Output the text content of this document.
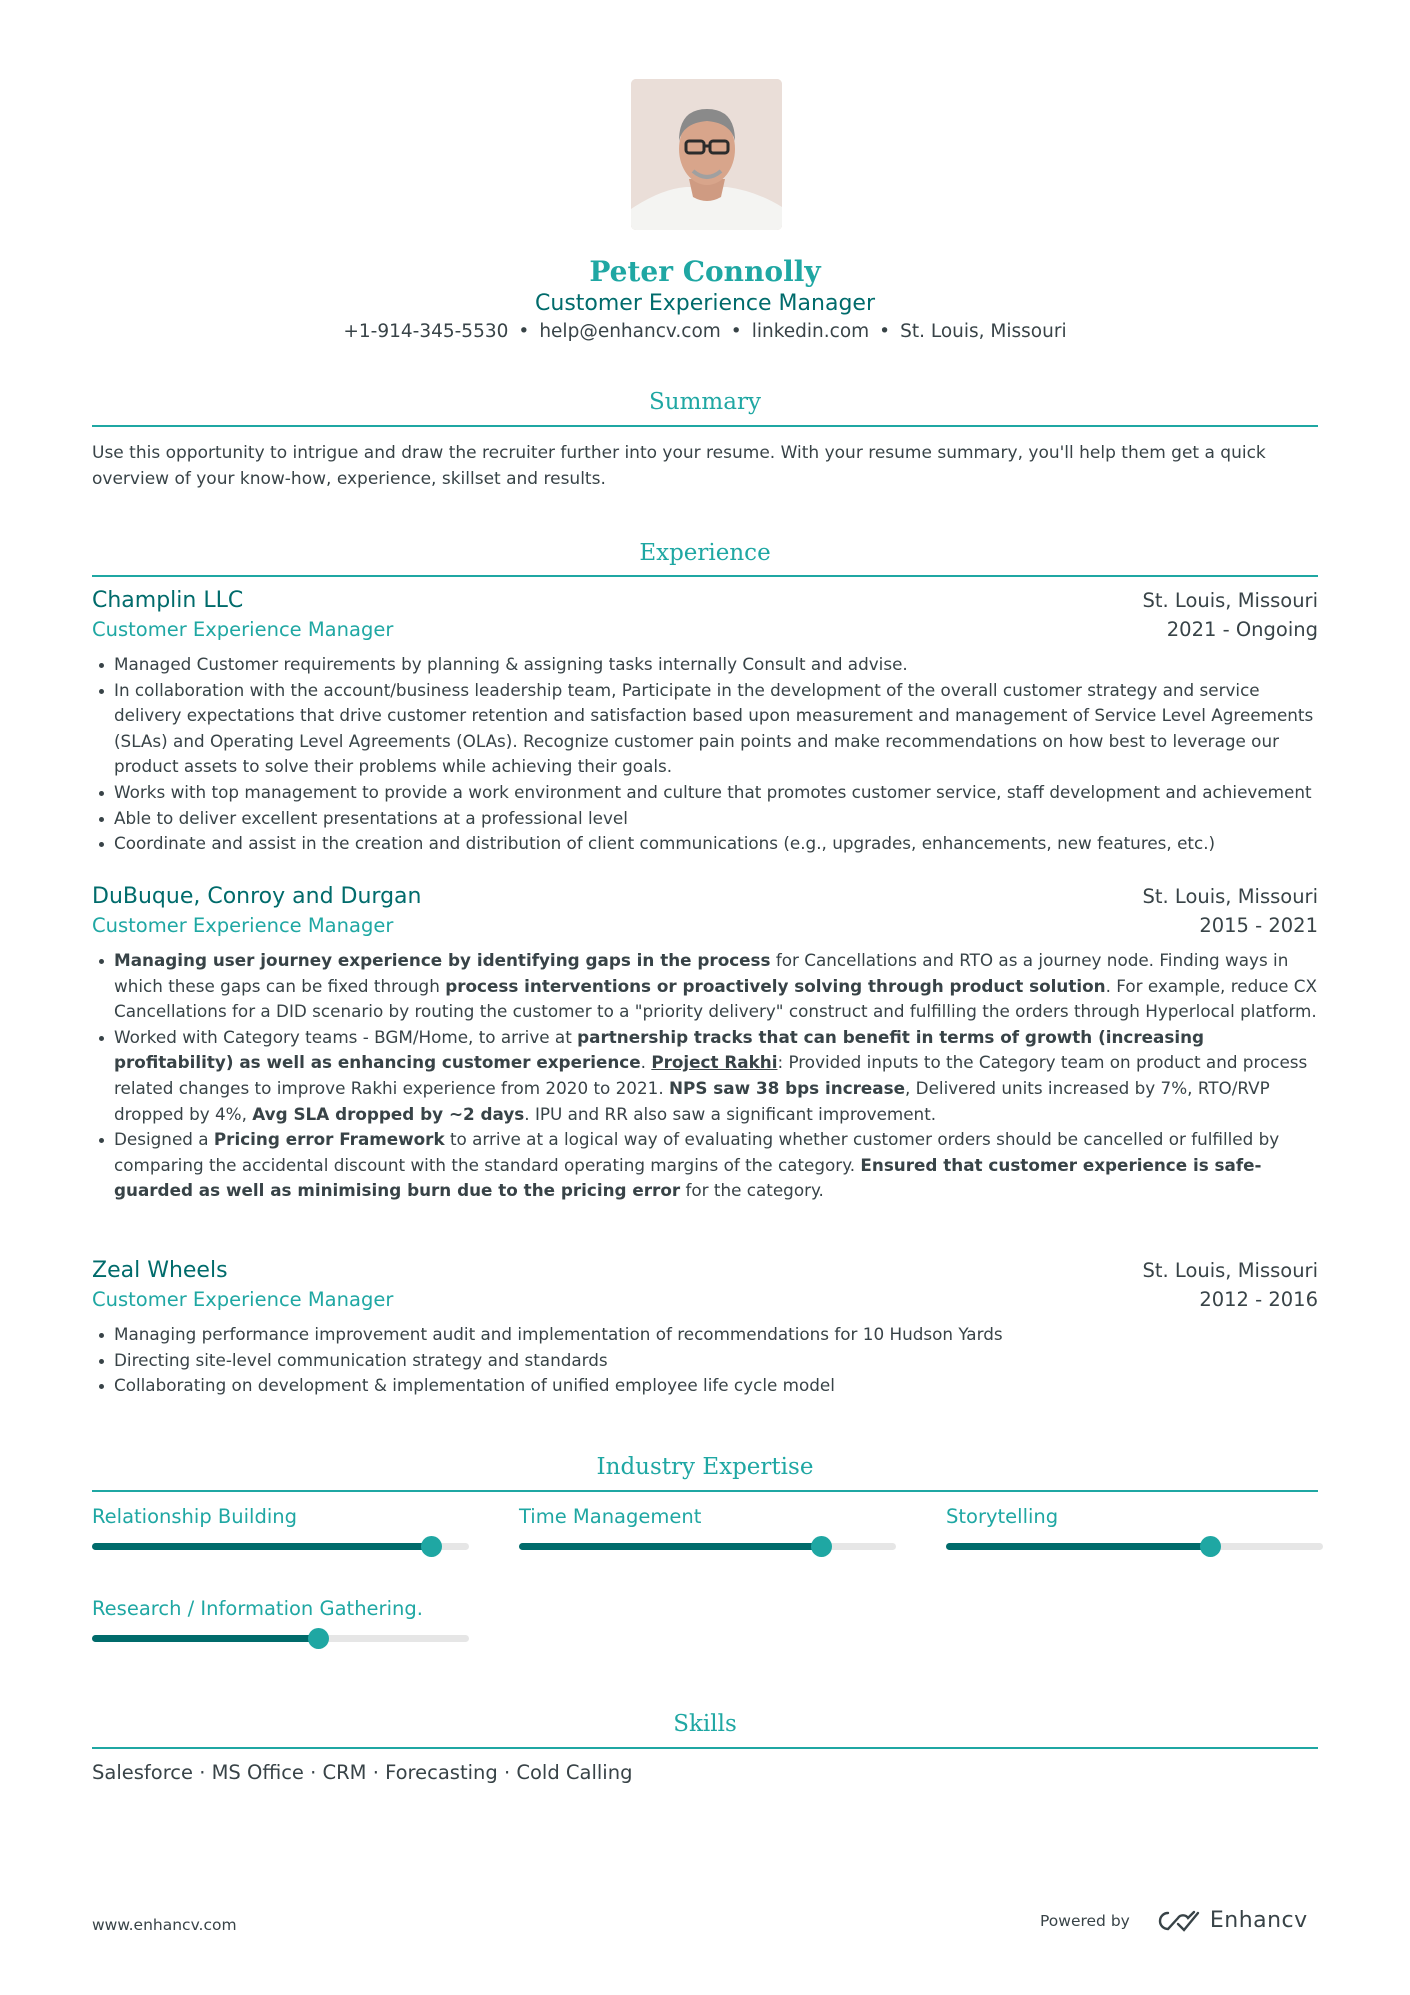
Peter Connolly
Customer Experience Manager
+1-914-345-5530 • help@enhancv.com • linkedin.com • St. Louis, Missouri
Summary
Use this opportunity to intrigue and draw the recruiter further into your resume. With your resume summary, you'll help them get a quick overview of your know-how, experience, skillset and results.
Experience
Champlin LLC	St. Louis, Missouri
Customer Experience Manager	2021 - Ongoing
Managed Customer requirements by planning & assigning tasks internally Consult and advise.
In collaboration with the account/business leadership team, Participate in the development of the overall customer strategy and service delivery expectations that drive customer retention and satisfaction based upon measurement and management of Service Level Agreements (SLAs) and Operating Level Agreements (OLAs). Recognize customer pain points and make recommendations on how best to leverage our product assets to solve their problems while achieving their goals.
Works with top management to provide a work environment and culture that promotes customer service, staff development and achievement
Able to deliver excellent presentations at a professional level
Coordinate and assist in the creation and distribution of client communications (e.g., upgrades, enhancements, new features, etc.)
DuBuque, Conroy and Durgan	St. Louis, Missouri
Customer Experience Manager	2015 - 2021
Managing user journey experience by identifying gaps in the process for Cancellations and RTO as a journey node. Finding ways in which these gaps can be fixed through process interventions or proactively solving through product solution. For example, reduce CX Cancellations for a DID scenario by routing the customer to a "priority delivery" construct and fulfilling the orders through Hyperlocal platform.
Worked with Category teams - BGM/Home, to arrive at partnership tracks that can benefit in terms of growth (increasing profitability) as well as enhancing customer experience. Project Rakhi: Provided inputs to the Category team on product and process related changes to improve Rakhi experience from 2020 to 2021. NPS saw 38 bps increase, Delivered units increased by 7%, RTO/RVP dropped by 4%, Avg SLA dropped by ~2 days. IPU and RR also saw a significant improvement.
Designed a Pricing error Framework to arrive at a logical way of evaluating whether customer orders should be cancelled or fulfilled by comparing the accidental discount with the standard operating margins of the category. Ensured that customer experience is safe-guarded as well as minimising burn due to the pricing error for the category.
Zeal Wheels	St. Louis, Missouri
Customer Experience Manager	2012 - 2016
Managing performance improvement audit and implementation of recommendations for 10 Hudson Yards
Directing site-level communication strategy and standards
Collaborating on development & implementation of unified employee life cycle model
Industry Expertise
Relationship Building	Time Management	Storytelling
Research / Information Gathering.
Skills
Salesforce · MS Office · CRM · Forecasting · Cold Calling
www.enhancv.com	Powered by	Enhancv
